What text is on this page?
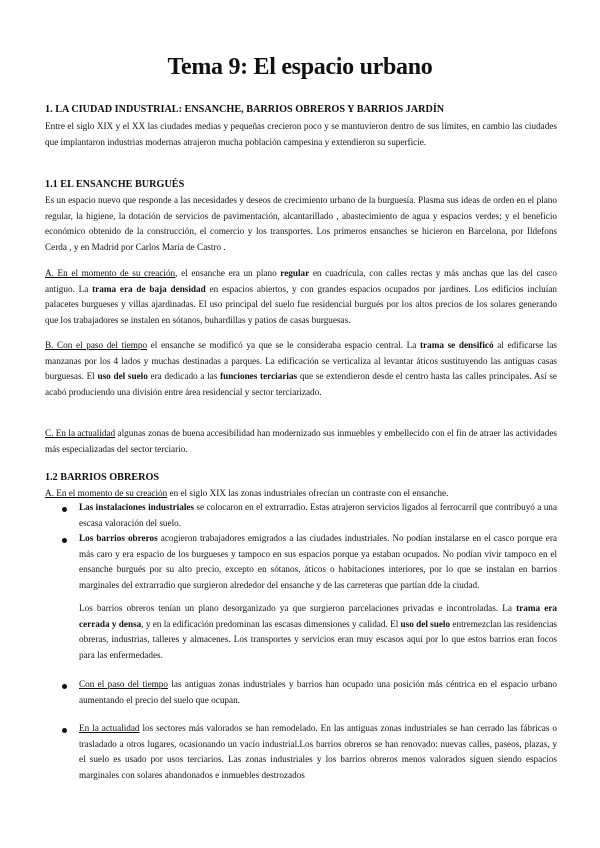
Tema 9: El espacio urbano
1. LA CIUDAD INDUSTRIAL: ENSANCHE, BARRIOS OBREROS Y BARRIOS JARDÍN

Entre el siglo XIX y el XX las ciudades medias y pequeñas crecieron poco y se mantuvieron dentro de sus límites, en cambio las ciudades que implantaron industrias modernas atrajeron mucha población campesina y extendieron su superficie.

1.1 EL ENSANCHE BURGUÉS

Es un espacio nuevo que responde a las necesidades y deseos de crecimiento urbano de la burguesía. Plasma sus ideas de orden en el plano regular, la higiene, la dotación de servicios de pavimentación, alcantarillado , abastecimiento de agua y espacios verdes; y el beneficio económico obtenido de la construcción, el comercio y los transportes. Los primeros ensanches se hicieron en Barcelona, por Ildefons Cerda , y en Madrid por Carlos María de Castro .

A. En el momento de su creación, el ensanche era un plano regular en cuadrícula, con calles rectas y más anchas que las del casco antiguo. La trama era de baja densidad en espacios abiertos, y con grandes espacios ocupados por jardines. Los edificios incluían palacetes burgueses y villas ajardinadas. El uso principal del suelo fue residencial burgués por los altos precios de los solares generando que los trabajadores se instalen en sótanos, buhardillas y patios de casas burguesas.

B. Con el paso del tiempo el ensanche se modificó ya que se le consideraba espacio central. La trama se densificó al edificarse las manzanas por los 4 lados y muchas destinadas a parques. La edificación se verticaliza al levantar áticos sustituyendo las antiguas casas burguesas. El uso del suelo era dedicado a las funciones terciarias que se extendieron desde el centro hasta las calles principales. Así se acabó produciendo una división entre área residencial y sector terciarizado.

C. En la actualidad algunas zonas de buena accesibilidad han modernizado sus inmuebles y embellecido con el fin de atraer las actividades más especializadas del sector terciario.

1.2 BARRIOS OBREROS

A. En el momento de su creación en el siglo XIX las zonas industriales ofrecían un contraste con el ensanche.

Las instalaciones industriales se colocaron en el extrarradio. Estas atrajeron servicios ligados al ferrocarril que contribuyó a una escasa valoración del suelo.

Los barrios obreros acogieron trabajadores emigrados a las ciudades industriales. No podían instalarse en el casco porque era más caro y era espacio de los burgueses y tampoco en sus espacios porque ya estaban ocupados. No podían vivir tampoco en el ensanche burgués por su alto precio, excepto en sótanos, áticos o habitaciones interiores, por lo que se instalan en barrios marginales del extrarradio que surgieron alrededor del ensanche y de las carreteras que partían dde la ciudad.

Los barrios obreros tenían un plano desorganizado ya que surgieron parcelaciones privadas e incontroladas. La trama era cerrada y densa, y en la edificación predominan las escasas dimensiones y calidad. El uso del suelo entremezclan las residencias obreras, industrias, talleres y almacenes. Los transportes y servicios eran muy escasos aquí por lo que estos barrios eran focos para las enfermedades.

Con el paso del tiempo las antiguas zonas industriales y barrios han ocupado una posición más céntrica en el espacio urbano aumentando el precio del suelo que ocupan.

En la actualidad los sectores más valorados se han remodelado. En las antiguas zonas industriales se han cerrado las fábricas o trasladado a otros lugares, ocasionando un vacío industrial.Los barrios obreros se han renovado: nuevas calles, paseos, plazas, y el suelo es usado por usos terciarios. Las zonas industriales y los barrios obreros menos valorados siguen siendo espacios marginales con solares abandonados e inmuebles destrozados
